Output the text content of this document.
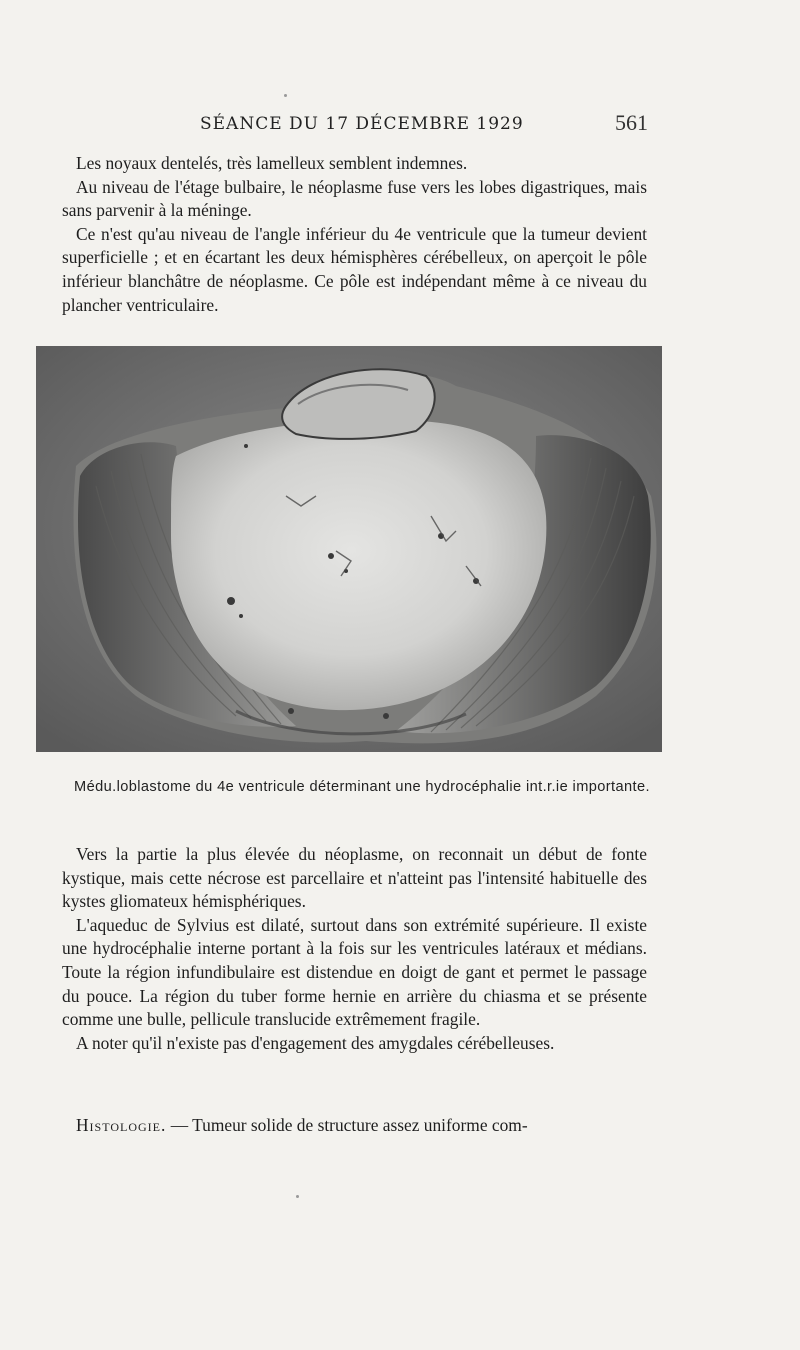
SÉANCE DU 17 DÉCEMBRE 1929	561

Les noyaux dentelés, très lamelleux semblent indemnes.

Au niveau de l'étage bulbaire, le néoplasme fuse vers les lobes digastriques, mais sans parvenir à la méninge.

Ce n'est qu'au niveau de l'angle inférieur du 4e ventricule que la tumeur devient superficielle ; et en écartant les deux hémisphères cérébelleux, on aperçoit le pôle inférieur blanchâtre de néoplasme. Ce pôle est indépendant même à ce niveau du plancher ventriculaire.

Médu.loblastome du 4e ventricule déterminant une hydrocéphalie int.r.ie importante.

Vers la partie la plus élevée du néoplasme, on reconnait un début de fonte kystique, mais cette nécrose est parcellaire et n'atteint pas l'intensité habituelle des kystes gliomateux hémisphériques.

L'aqueduc de Sylvius est dilaté, surtout dans son extrémité supérieure. Il existe une hydrocéphalie interne portant à la fois sur les ventricules latéraux et médians. Toute la région infundibulaire est distendue en doigt de gant et permet le passage du pouce. La région du tuber forme hernie en arrière du chiasma et se présente comme une bulle, pellicule translucide extrêmement fragile.

A noter qu'il n'existe pas d'engagement des amygdales cérébelleuses.

Histologie. — Tumeur solide de structure assez uniforme com-
